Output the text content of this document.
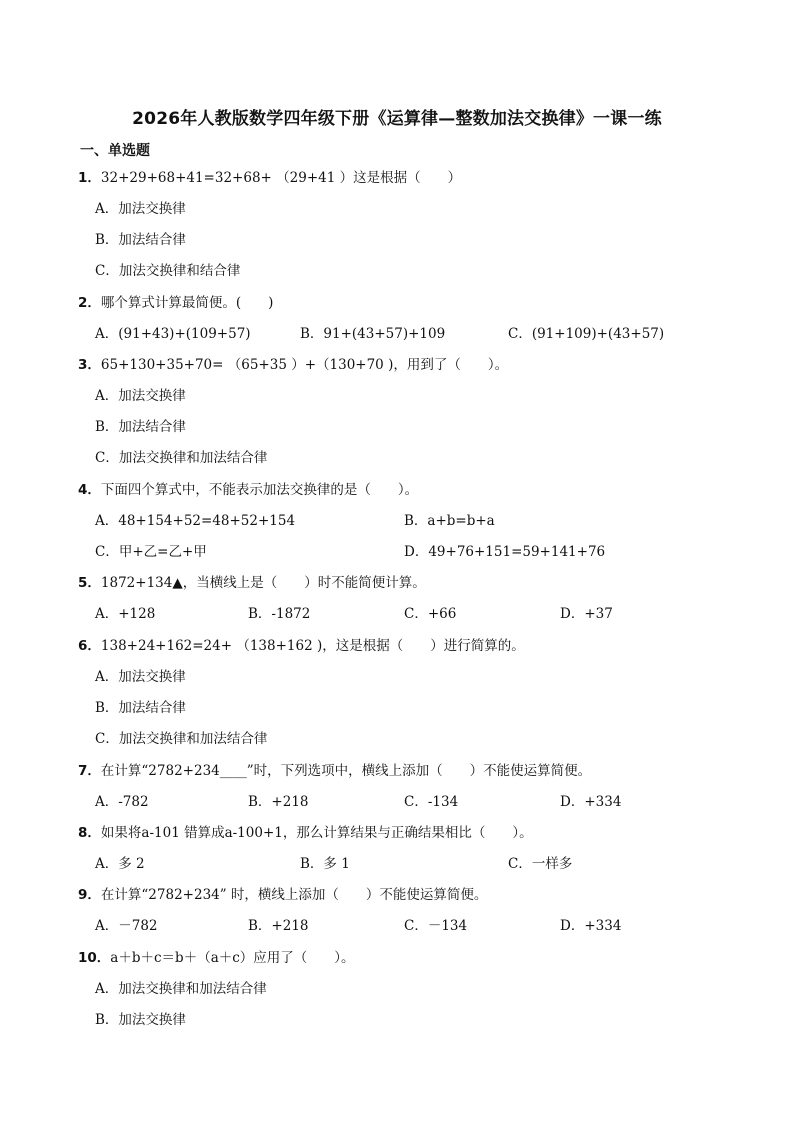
2026年人教版数学四年级下册《运算律—整数加法交换律》一课一练
一、单选题
1．32+29+68+41=32+68+ （29+41 ）这是根据（　　）
A．加法交换律
B．加法结合律
C．加法交换律和结合律
2．哪个算式计算最简便。(　　)
A．(91+43)+(109+57)	B．91+(43+57)+109	C．(91+109)+(43+57)
3．65+130+35+70= （65+35 ）+（130+70 )，用到了（　　）。
A．加法交换律
B．加法结合律
C．加法交换律和加法结合律
4．下面四个算式中，不能表示加法交换律的是（　　）。
A．48+154+52=48+52+154	B．a+b=b+a
C．甲+乙=乙+甲	D．49+76+151=59+141+76
5．1872+134▲，当横线上是（　　）时不能简便计算。
A．+128	B．-1872	C．+66	D．+37
6．138+24+162=24+ （138+162 )，这是根据（　　）进行简算的。
A．加法交换律
B．加法结合律
C．加法交换律和加法结合律
7．在计算“2782+234____”时，下列选项中，横线上添加（　　）不能使运算简便。
A．-782	B．+218	C．-134	D．+334
8．如果将a-101 错算成a-100+1，那么计算结果与正确结果相比（　　）。
A．多 2	B．多 1	C．一样多
9．在计算“2782+234” 时，横线上添加（　　）不能使运算简便。
A．－782	B．+218	C．－134	D．+334
10．a＋b＋c＝b＋（a＋c）应用了（　　）。
A．加法交换律和加法结合律
B．加法交换律
